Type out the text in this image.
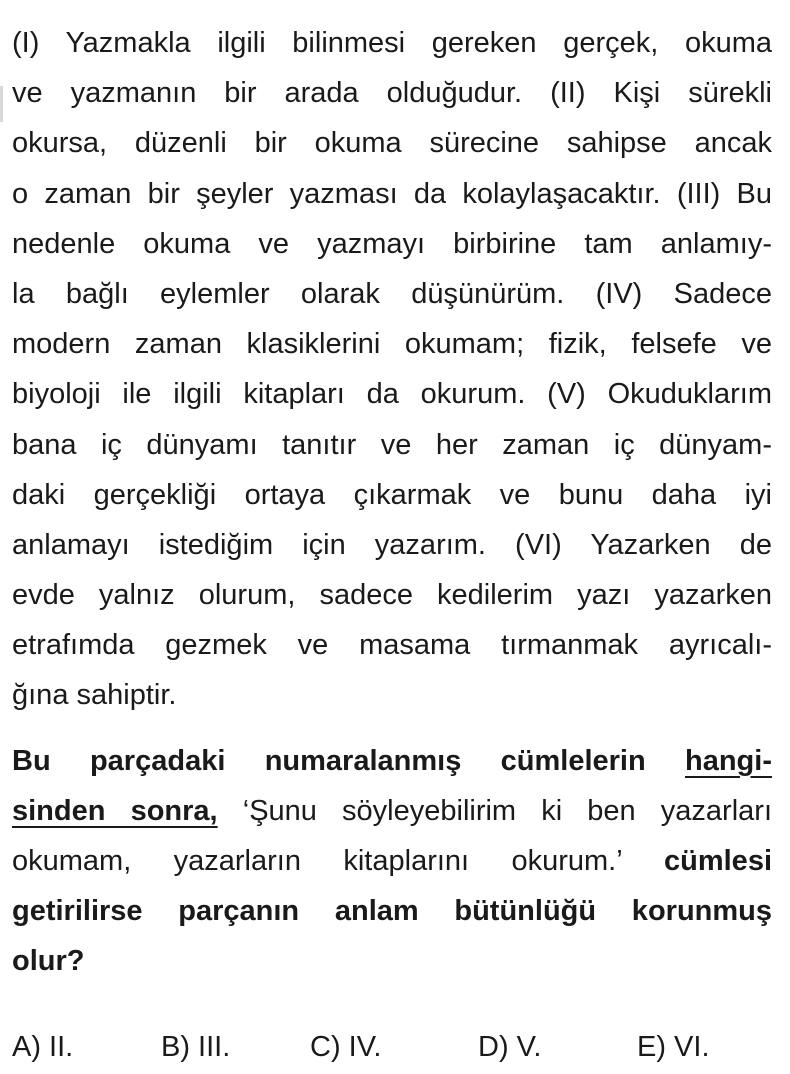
(I) Yazmakla ilgili bilinmesi gereken gerçek, okuma
ve yazmanın bir arada olduğudur. (II) Kişi sürekli
okursa, düzenli bir okuma sürecine sahipse ancak
o zaman bir şeyler yazması da kolaylaşacaktır. (III) Bu
nedenle okuma ve yazmayı birbirine tam anlamıy-
la bağlı eylemler olarak düşünürüm. (IV) Sadece
modern zaman klasiklerini okumam; fizik, felsefe ve
biyoloji ile ilgili kitapları da okurum. (V) Okuduklarım
bana iç dünyamı tanıtır ve her zaman iç dünyam-
daki gerçekliği ortaya çıkarmak ve bunu daha iyi
anlamayı istediğim için yazarım. (VI) Yazarken de
evde yalnız olurum, sadece kedilerim yazı yazarken
etrafımda gezmek ve masama tırmanmak ayrıcalı-
ğına sahiptir.
Bu parçadaki numaralanmış cümlelerin hangi-
sinden sonra, ‘Şunu söyleyebilirim ki ben yazarları
okumam, yazarların kitaplarını okurum.’ cümlesi
getirilirse parçanın anlam bütünlüğü korunmuş
olur?
A) II.	B) III.	C) IV.	D) V.	E) VI.
